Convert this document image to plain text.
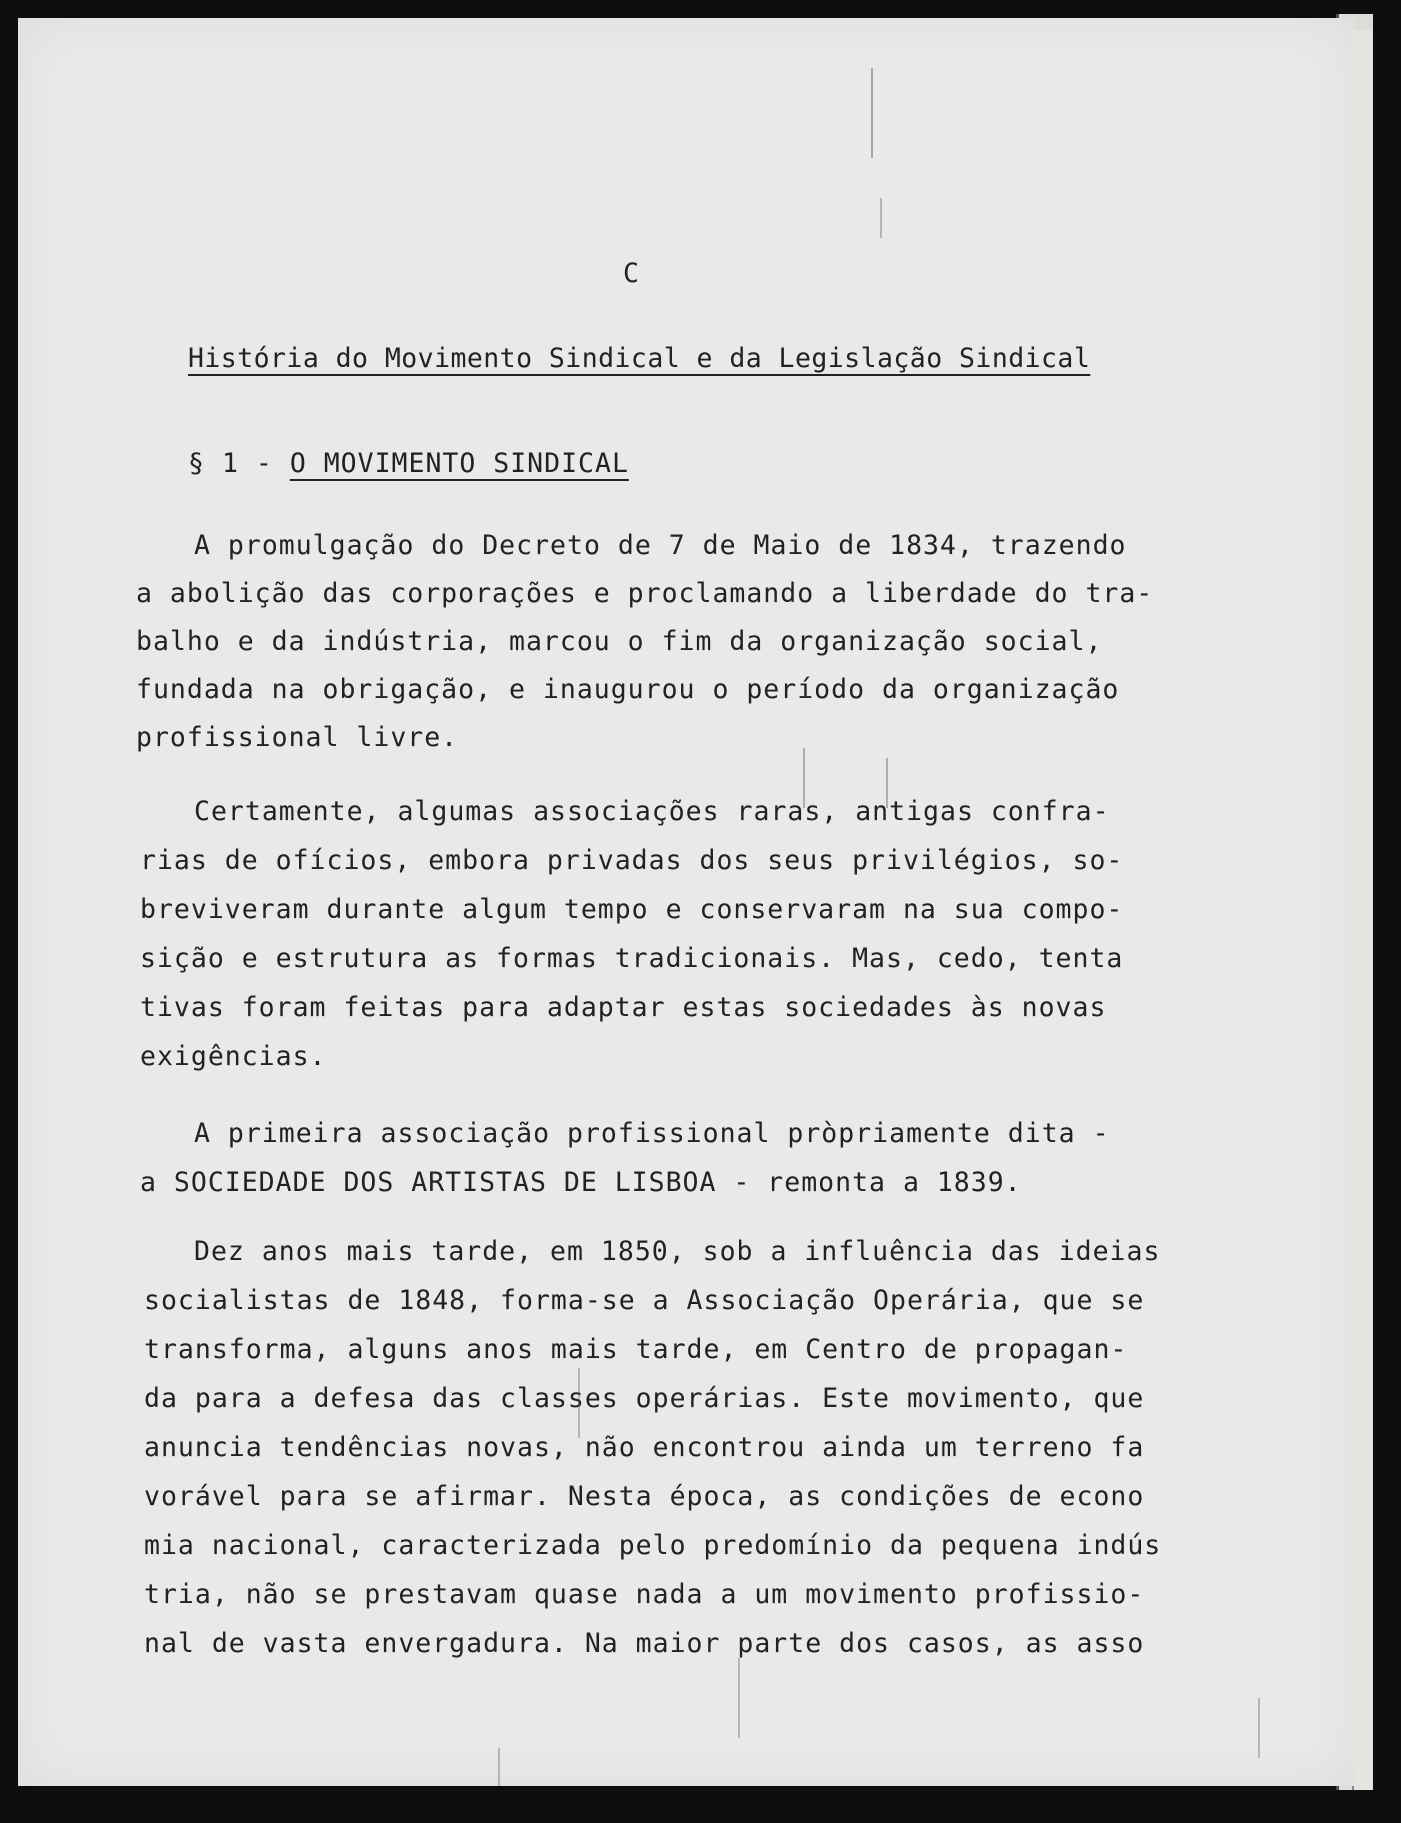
C
História do Movimento Sindical e da Legislação Sindical
§ 1 - O MOVIMENTO SINDICAL
A promulgação do Decreto de 7 de Maio de 1834, trazendo
a abolição das corporações e proclamando a liberdade do tra-
balho e da indústria, marcou o fim da organização social,
fundada na obrigação, e inaugurou o período da organização
profissional livre.
Certamente, algumas associações raras, antigas confra-
rias de ofícios, embora privadas dos seus privilégios, so-
breviveram durante algum tempo e conservaram na sua compo-
sição e estrutura as formas tradicionais. Mas, cedo, tenta
tivas foram feitas para adaptar estas sociedades às novas
exigências.
A primeira associação profissional pròpriamente dita -
a SOCIEDADE DOS ARTISTAS DE LISBOA - remonta a 1839.
Dez anos mais tarde, em 1850, sob a influência das ideias
socialistas de 1848, forma-se a Associação Operária, que se
transforma, alguns anos mais tarde, em Centro de propagan-
da para a defesa das classes operárias. Este movimento, que
anuncia tendências novas, não encontrou ainda um terreno fa
vorável para se afirmar. Nesta época, as condições de econo
mia nacional, caracterizada pelo predomínio da pequena indús
tria, não se prestavam quase nada a um movimento profissio-
nal de vasta envergadura. Na maior parte dos casos, as asso
